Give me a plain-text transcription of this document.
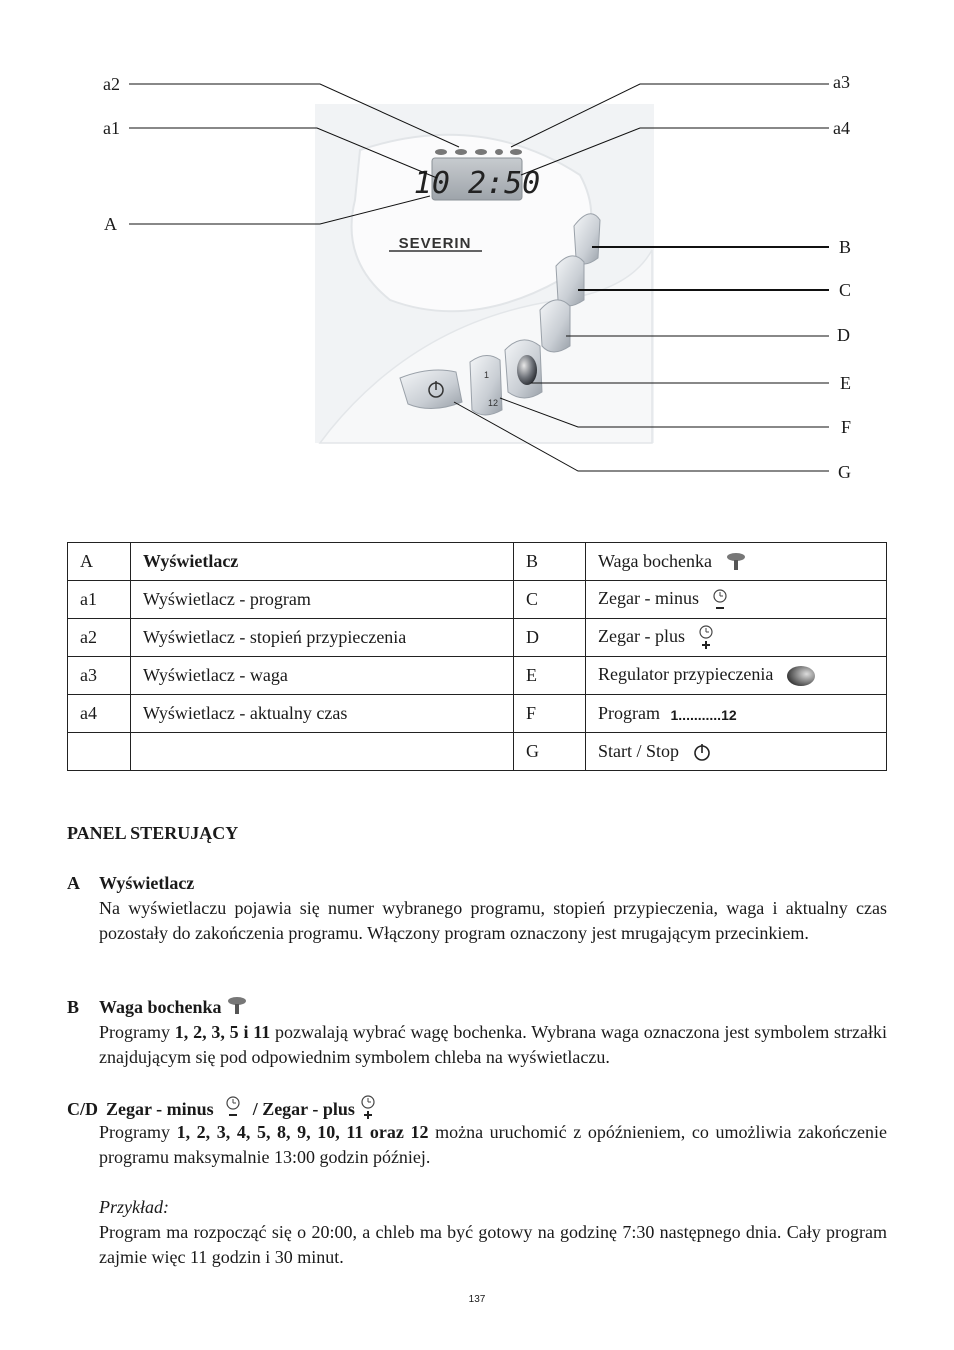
10 2:50
SEVERIN
1
12
a2
a1
A
a3
a4
B
C
D
E
F
G
A	Wyświetlacz	B	Waga bochenka
a1	Wyświetlacz - program	C	Zegar - minus
a2	Wyświetlacz - stopień przypieczenia	D	Zegar - plus
a3	Wyświetlacz - waga	E	Regulator przypieczenia
a4	Wyświetlacz - aktualny czas	F	Program 1...........12
		G	Start / Stop
PANEL STERUJĄCY
A Wyświetlacz
Na wyświetlaczu pojawia się numer wybranego programu, stopień przypieczenia, waga i aktualny czas pozostały do zakończenia programu. Włączony program oznaczony jest mrugającym przecinkiem.
B Waga bochenka
Programy 1, 2, 3, 5 i 11 pozwalają wybrać wagę bochenka. Wybrana waga oznaczona jest symbolem strzałki znajdującym się pod odpowiednim symbolem chleba na wyświetlaczu.
C/D Zegar - minus / Zegar - plus
Programy 1, 2, 3, 4, 5, 8, 9, 10, 11 oraz 12 można uruchomić z opóźnieniem, co umożliwia zakończenie programu maksymalnie 13:00 godzin później.
Przykład:
Program ma rozpocząć się o 20:00, a chleb ma być gotowy na godzinę 7:30 następnego dnia. Cały program zajmie więc 11 godzin i 30 minut.
137
